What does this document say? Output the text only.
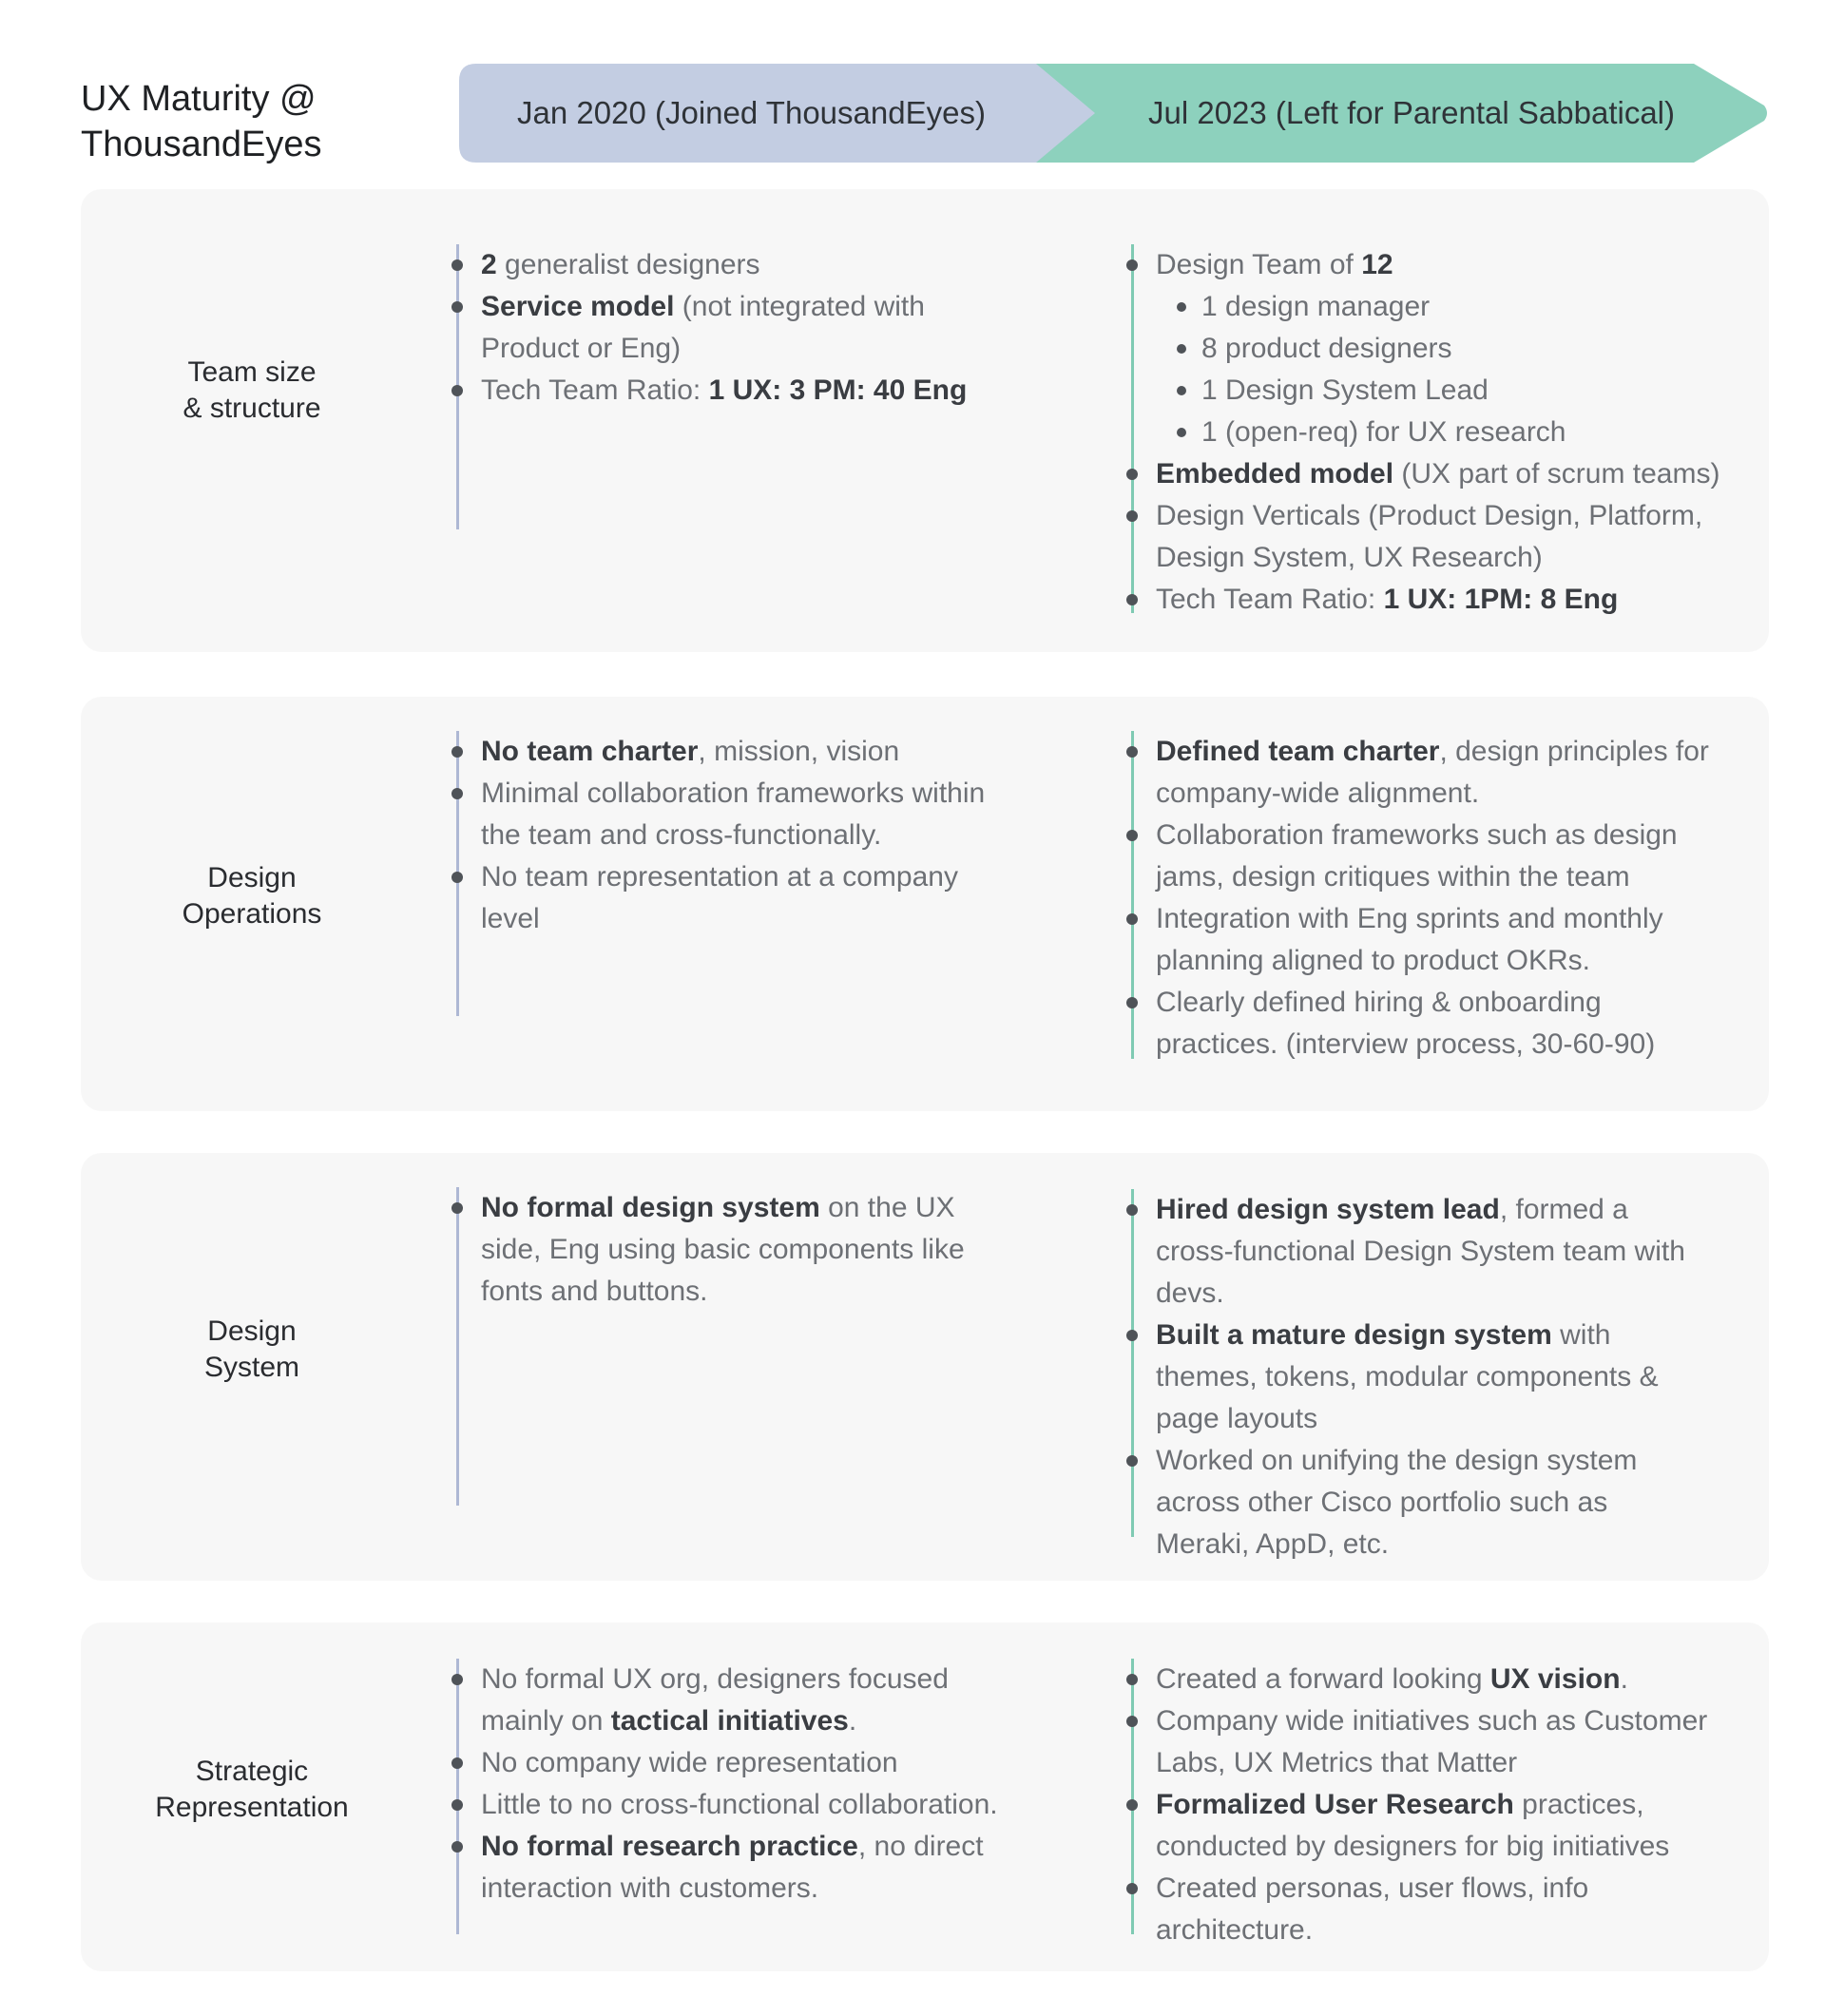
UX Maturity @
ThousandEyes
Jan 2020 (Joined ThousandEyes)	Jul 2023 (Left for Parental Sabbatical)
Team size
& structure
2 generalist designers
Service model (not integrated with Product or Eng)
Tech Team Ratio: 1 UX: 3 PM: 40 Eng
Design Team of 12
1 design manager
8 product designers
1 Design System Lead
1 (open-req) for UX research
Embedded model (UX part of scrum teams)
Design Verticals (Product Design, Platform, Design System, UX Research)
Tech Team Ratio: 1 UX: 1PM: 8 Eng
Design
Operations
No team charter, mission, vision
Minimal collaboration frameworks within the team and cross-functionally.
No team representation at a company level
Defined team charter, design principles for company-wide alignment.
Collaboration frameworks such as design jams, design critiques within the team
Integration with Eng sprints and monthly planning aligned to product OKRs.
Clearly defined hiring & onboarding practices. (interview process, 30-60-90)
Design
System
No formal design system on the UX side, Eng using basic components like fonts and buttons.
Hired design system lead, formed a cross-functional Design System team with devs.
Built a mature design system with themes, tokens, modular components & page layouts
Worked on unifying the design system across other Cisco portfolio such as Meraki, AppD, etc.
Strategic
Representation
No formal UX org, designers focused mainly on tactical initiatives.
No company wide representation
Little to no cross-functional collaboration.
No formal research practice, no direct interaction with customers.
Created a forward looking UX vision.
Company wide initiatives such as Customer Labs, UX Metrics that Matter
Formalized User Research practices, conducted by designers for big initiatives
Created personas, user flows, info architecture.
